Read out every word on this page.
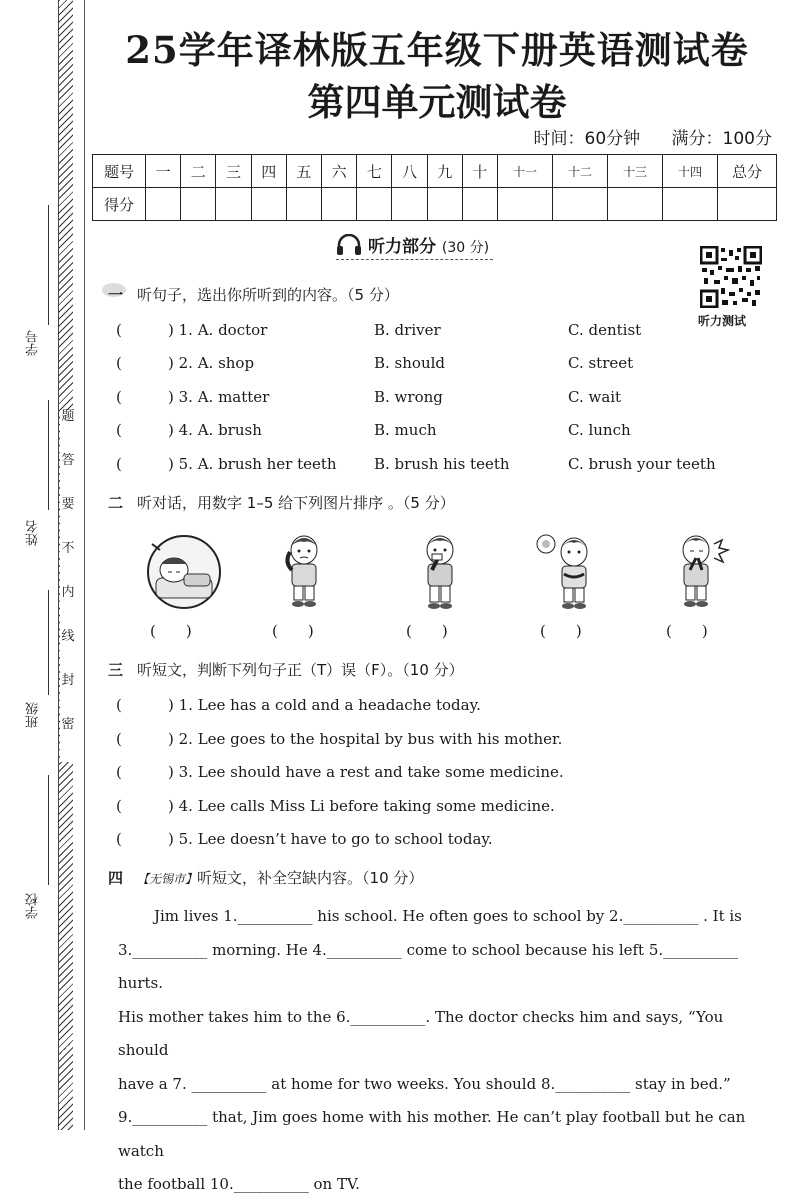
学号
姓名
班级
学校
题
答
要
不
内
线
封
密
25学年译林版五年级下册英语测试卷
第四单元测试卷
时间：60分钟 满分：100分
题号	一	二	三	四	五	六	七	八	九	十	十一	十二	十三	十四	总分
得分															
听力部分 (30 分)
听力测试
一 听句子，选出你所听到的内容。（5 分）
(	) 1. A. doctor	B. driver	C. dentist
(	) 2. A. shop	B. should	C. street
(	) 3. A. matter	B. wrong	C. wait
(	) 4. A. brush	B. much	C. lunch
(	) 5. A. brush her teeth B. brush his teeth	C. brush your teeth
二 听对话，用数字 1–5 给下列图片排序 。（5 分）
(　　)	(　　)	(　　)	(　　)	(　　)
三 听短文，判断下列句子正（T）误（F）。（10 分）
(	) 1. Lee has a cold and a headache today.
(	) 2. Lee goes to the hospital by bus with his mother.
(	) 3. Lee should have a rest and take some medicine.
(	) 4. Lee calls Miss Li before taking some medicine.
(	) 5. Lee doesn’t have to go to school today.
四 【无锡市】听短文，补全空缺内容。（10 分）

Jim lives 1.__________ his school. He often goes to school by 2.__________ . It is

3.__________ morning. He 4.__________ come to school because his left 5.__________ hurts.

His mother takes him to the 6.__________. The doctor checks him and says, “You should

have a 7. __________ at home for two weeks. You should 8.__________ stay in bed.”

9.__________ that, Jim goes home with his mother. He can’t play football but he can watch

the football 10.__________ on TV.
